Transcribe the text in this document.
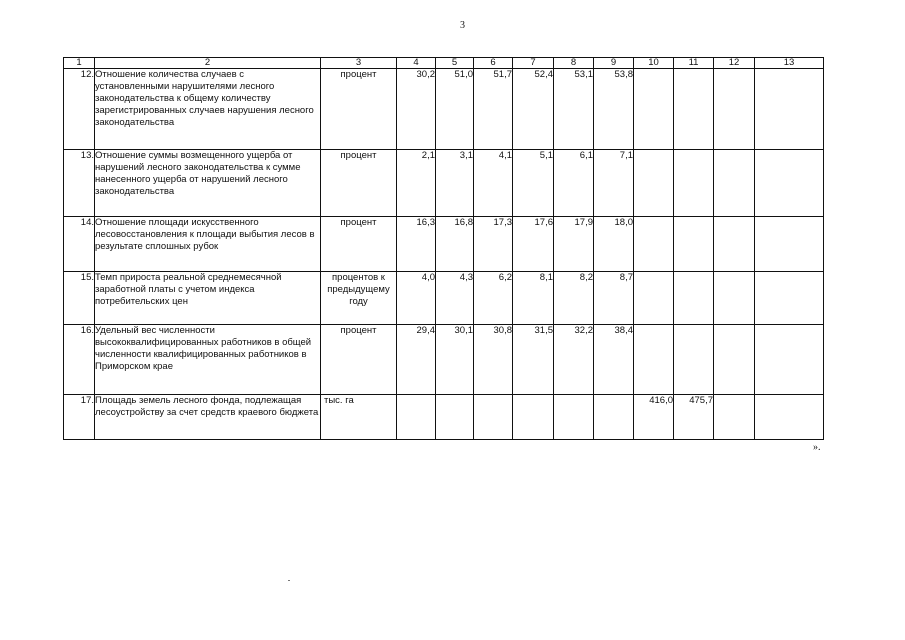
3
1	2	3	4	5	6	7	8	9	10	11	12	13
12.	Отношение количества случаев с установленными нарушителями лесного законодательства к общему количеству зарегистрированных случаев нарушения лесного законодательства	процент	30,2	51,0	51,7	52,4	53,1	53,8				
13.	Отношение суммы возмещенного ущерба от нарушений лесного законодательства к сумме нанесенного ущерба от нарушений лесного законодательства	процент	2,1	3,1	4,1	5,1	6,1	7,1				
14.	Отношение площади искусственного лесовосстановления к площади выбытия лесов в результате сплошных рубок	процент	16,3	16,8	17,3	17,6	17,9	18,0				
15.	Темп прироста реальной среднемесячной заработной платы с учетом индекса потребительских цен	процентов к предыдущему году	4,0	4,3	6,2	8,1	8,2	8,7				
16.	Удельный вес численности высококвалифицированных работников в общей численности квалифицированных работников в Приморском крае	процент	29,4	30,1	30,8	31,5	32,2	38,4				
17.	Площадь земель лесного фонда, подлежащая лесоустройству за счет средств краевого бюджета	тыс. га							416,0	475,7		
».
